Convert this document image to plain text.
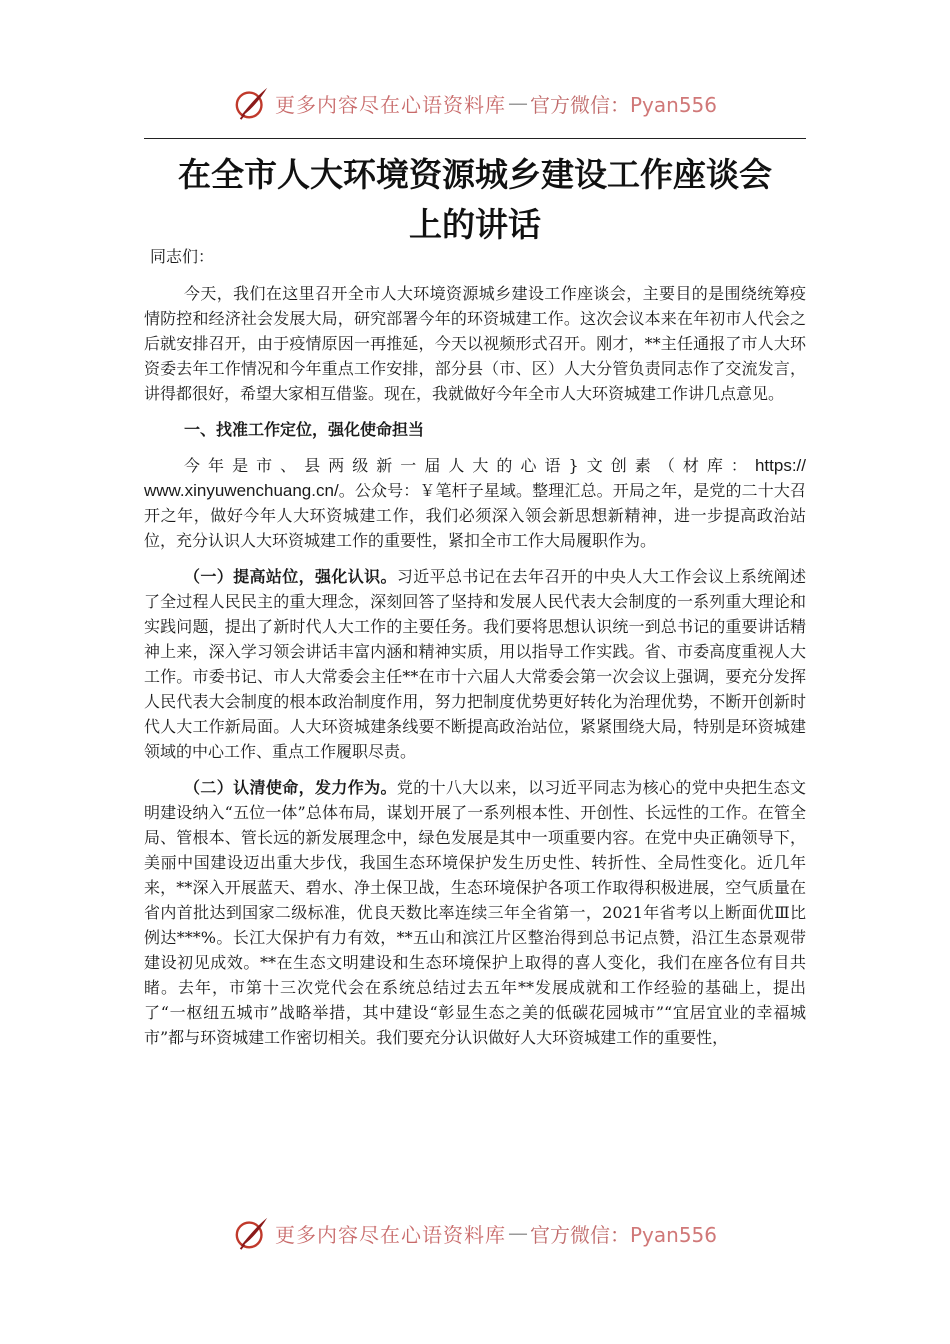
更多内容尽在心语资料库 — 官方微信：Pyan556
在全市人大环境资源城乡建设工作座谈会
上的讲话

同志们：

今天，我们在这里召开全市人大环境资源城乡建设工作座谈会，主要目的是围绕统筹疫情防控和经济社会发展大局，研究部署今年的环资城建工作。这次会议本来在年初市人代会之后就安排召开，由于疫情原因一再推延，今天以视频形式召开。刚才，**主任通报了市人大环资委去年工作情况和今年重点工作安排，部分县（市、区）人大分管负责同志作了交流发言，讲得都很好，希望大家相互借鉴。现在，我就做好今年全市人大环资城建工作讲几点意见。

一、找准工作定位，强化使命担当

今年是市、县两级新一届人大的心语}文创素（材库：https:// www.xinyuwenchuang.cn/。公众号：￥笔杆子星域。整理汇总。开局之年，是党的二十大召开之年，做好今年人大环资城建工作，我们必须深入领会新思想新精神，进一步提高政治站位，充分认识人大环资城建工作的重要性，紧扣全市工作大局履职作为。

（一）提高站位，强化认识。习近平总书记在去年召开的中央人大工作会议上系统阐述了全过程人民民主的重大理念，深刻回答了坚持和发展人民代表大会制度的一系列重大理论和实践问题，提出了新时代人大工作的主要任务。我们要将思想认识统一到总书记的重要讲话精神上来，深入学习领会讲话丰富内涵和精神实质，用以指导工作实践。省、市委高度重视人大工作。市委书记、市人大常委会主任**在市十六届人大常委会第一次会议上强调，要充分发挥人民代表大会制度的根本政治制度作用，努力把制度优势更好转化为治理优势，不断开创新时代人大工作新局面。人大环资城建条线要不断提高政治站位，紧紧围绕大局，特别是环资城建领域的中心工作、重点工作履职尽责。

（二）认清使命，发力作为。党的十八大以来，以习近平同志为核心的党中央把生态文明建设纳入“五位一体”总体布局，谋划开展了一系列根本性、开创性、长远性的工作。在管全局、管根本、管长远的新发展理念中，绿色发展是其中一项重要内容。在党中央正确领导下，美丽中国建设迈出重大步伐，我国生态环境保护发生历史性、转折性、全局性变化。近几年来，**深入开展蓝天、碧水、净土保卫战，生态环境保护各项工作取得积极进展，空气质量在省内首批达到国家二级标准，优良天数比率连续三年全省第一，2021年省考以上断面优Ⅲ比例达***%。长江大保护有力有效，**五山和滨江片区整治得到总书记点赞，沿江生态景观带建设初见成效。**在生态文明建设和生态环境保护上取得的喜人变化，我们在座各位有目共睹。去年，市第十三次党代会在系统总结过去五年**发展成就和工作经验的基础上，提出了“一枢纽五城市”战略举措，其中建设“彰显生态之美的低碳花园城市”“宜居宜业的幸福城市”都与环资城建工作密切相关。我们要充分认识做好人大环资城建工作的重要性，

更多内容尽在心语资料库 — 官方微信：Pyan556
